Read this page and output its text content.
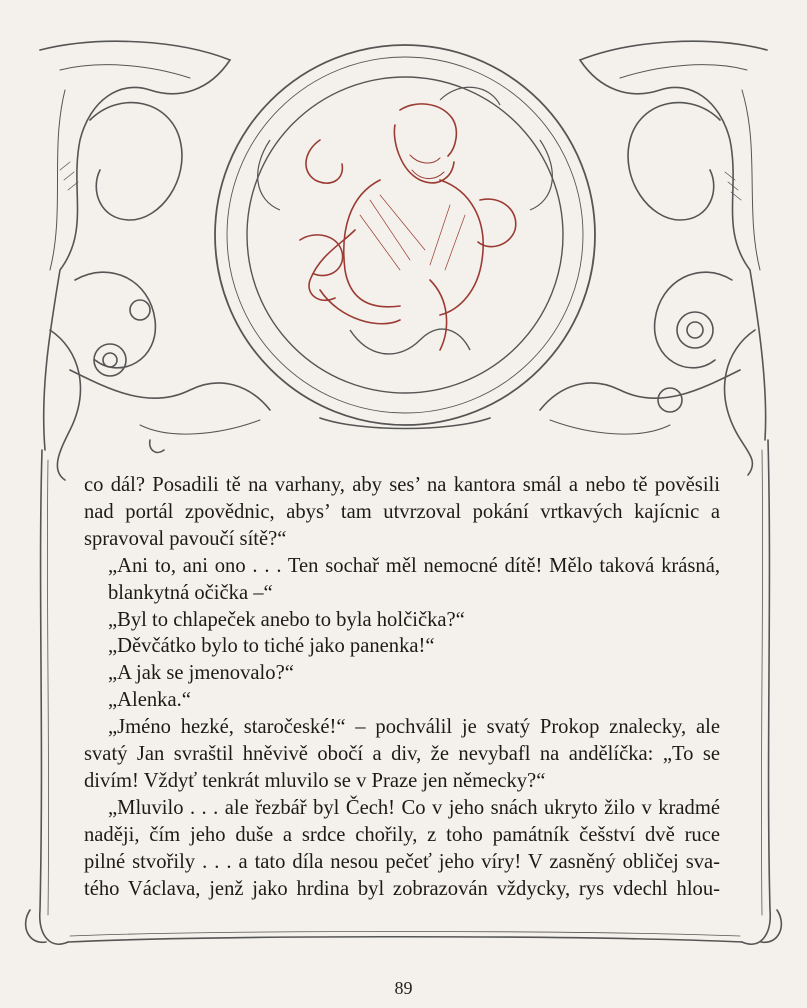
co dál? Posadili tě na varhany, aby ses’ na kantora smál a nebo tě pověsili
nad portál zpovědnic, abys’ tam utvrzoval pokání vrtkavých kajícnic a
spravoval pavoučí sítě?“

„Ani to, ani ono . . . Ten sochař měl nemocné dítě! Mělo taková krásná,
blankytná očička –“

„Byl to chlapeček anebo to byla holčička?“

„Děvčátko bylo to tiché jako panenka!“

„A jak se jmenovalo?“

„Alenka.“

„Jméno hezké, staročeské!“ – pochválil je svatý Prokop znalecky, ale
svatý Jan svraštil hněvivě obočí a div, že nevybafl na andělíčka: „To se
divím! Vždyť tenkrát mluvilo se v Praze jen německy?“

„Mluvilo . . . ale řezbář byl Čech! Co v jeho snách ukryto žilo v kradmé
naději, čím jeho duše a srdce chořily, z toho památník češství dvě ruce
pilné stvořily . . . a tato díla nesou pečeť jeho víry! V zasněný obličej sva-
tého Václava, jenž jako hrdina byl zobrazován vždycky, rys vdechl hlou-

89
